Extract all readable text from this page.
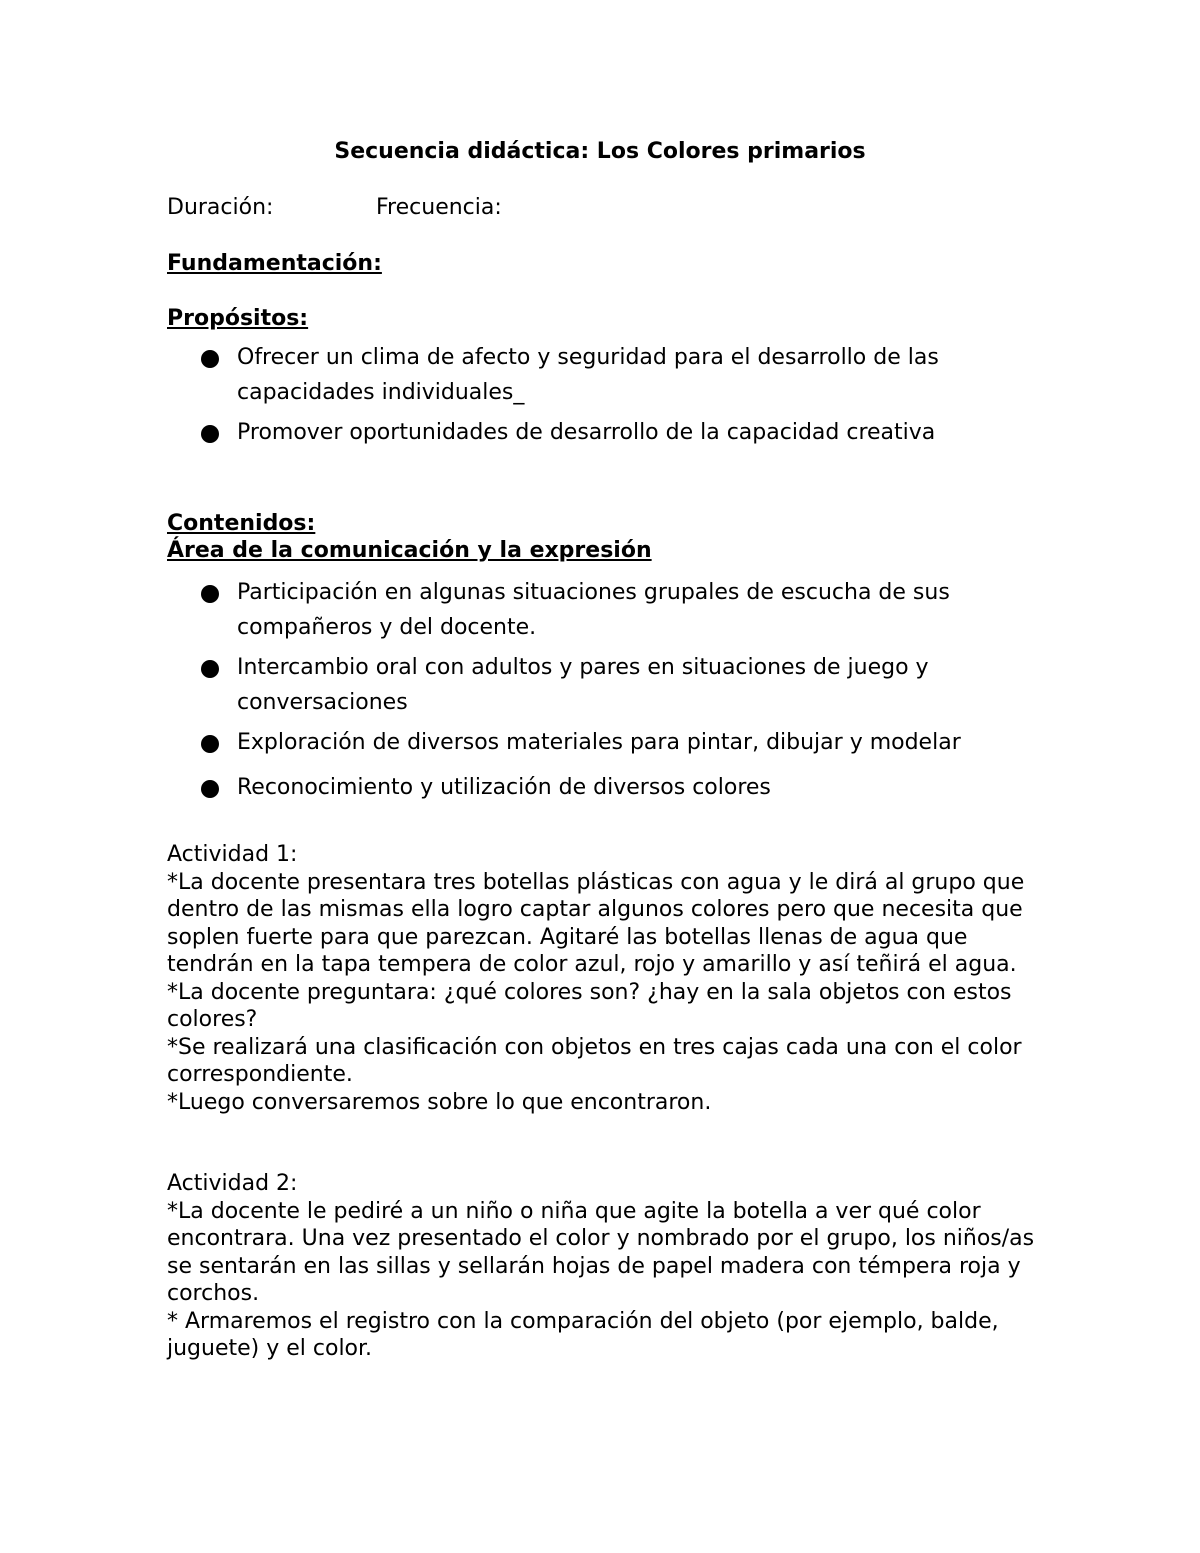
Secuencia didáctica: Los Colores primarios
Duración:	Frecuencia:
Fundamentación:
Propósitos:
Ofrecer un clima de afecto y seguridad para el desarrollo de las capacidades individuales_
Promover oportunidades de desarrollo de la capacidad creativa
Contenidos:
Área de la comunicación y la expresión
Participación en algunas situaciones grupales de escucha de sus compañeros y del docente.
Intercambio oral con adultos y pares en situaciones de juego y conversaciones
Exploración de diversos materiales para pintar, dibujar y modelar
Reconocimiento y utilización de diversos colores

Actividad 1:

*La docente presentara tres botellas plásticas con agua y le dirá al grupo que dentro de las mismas ella logro captar algunos colores pero que necesita que soplen fuerte para que parezcan. Agitaré las botellas llenas de agua que tendrán en la tapa tempera de color azul, rojo y amarillo y así teñirá el agua.

*La docente preguntara: ¿qué colores son? ¿hay en la sala objetos con estos colores?

*Se realizará una clasificación con objetos en tres cajas cada una con el color correspondiente.

*Luego conversaremos sobre lo que encontraron.

Actividad 2:

*La docente le pediré a un niño o niña que agite la botella a ver qué color encontrara. Una vez presentado el color y nombrado por el grupo, los niños/as se sentarán en las sillas y sellarán hojas de papel madera con témpera roja y corchos.

* Armaremos el registro con la comparación del objeto (por ejemplo, balde, juguete) y el color.
